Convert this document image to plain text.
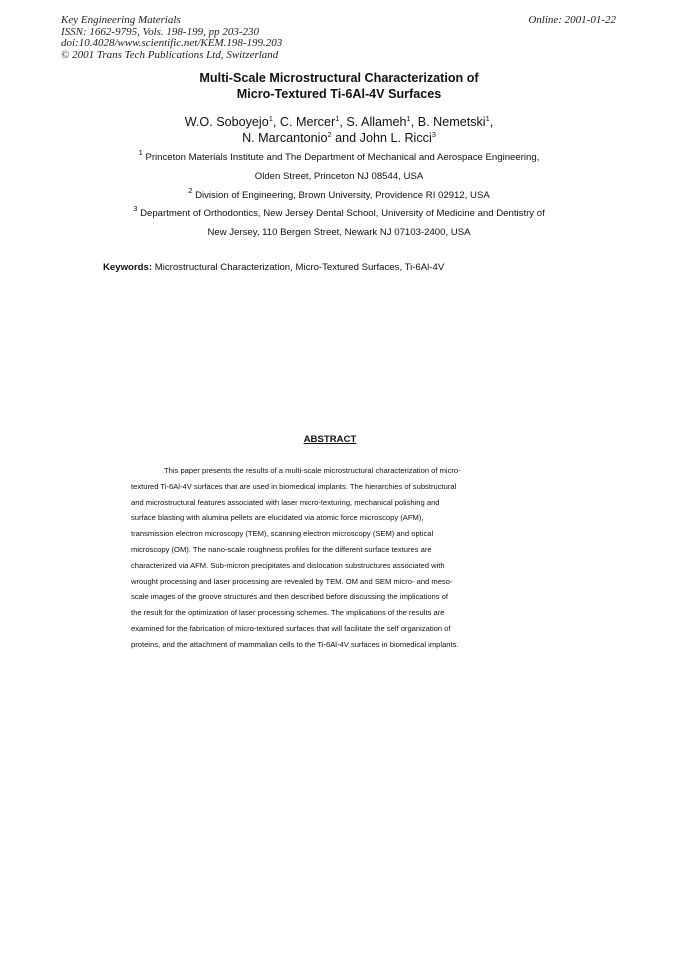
Key Engineering Materials
ISSN: 1662-9795, Vols. 198-199, pp 203-230
doi:10.4028/www.scientific.net/KEM.198-199.203
© 2001 Trans Tech Publications Ltd, Switzerland
Online: 2001-01-22
Multi-Scale Microstructural Characterization of
Micro-Textured Ti-6Al-4V Surfaces
W.O. Soboyejo$^1$, C. Mercer$^1$, S. Allameh$^1$, B. Nemetski$^1$,
N. Marcantonio$^2$ and John L. Ricci$^3$
$^1$ Princeton Materials Institute and The Department of Mechanical and Aerospace Engineering,
Olden Street, Princeton NJ 08544, USA
$^2$ Division of Engineering, Brown University, Providence RI 02912, USA
$^3$ Department of Orthodontics, New Jersey Dental School, University of Medicine and Dentistry of
New Jersey, 110 Bergen Street, Newark NJ 07103-2400, USA
Keywords: Microstructural Characterization, Micro-Textured Surfaces, Ti-6Al-4V
ABSTRACT
This paper presents the results of a multi-scale microstructural characterization of micro-
textured Ti-6Al-4V surfaces that are used in biomedical implants. The hierarchies of substructural
and microstructural features associated with laser micro-texturing, mechanical polishing and
surface blasting with alumina pellets are elucidated via atomic force microscopy (AFM),
transmission electron microscopy (TEM), scanning electron microscopy (SEM) and optical
microscopy (OM). The nano-scale roughness profiles for the different surface textures are
characterized via AFM. Sub-micron precipitates and dislocation substructures associated with
wrought processing and laser processing are revealed by TEM. OM and SEM micro- and meso-
scale images of the groove structures and then described before discussing the implications of
the result for the optimization of laser processing schemes. The implications of the results are
examined for the fabrication of micro-textured surfaces that will facilitate the self organization of
proteins, and the attachment of mammalian cells to the Ti-6Al-4V surfaces in biomedical implants.
